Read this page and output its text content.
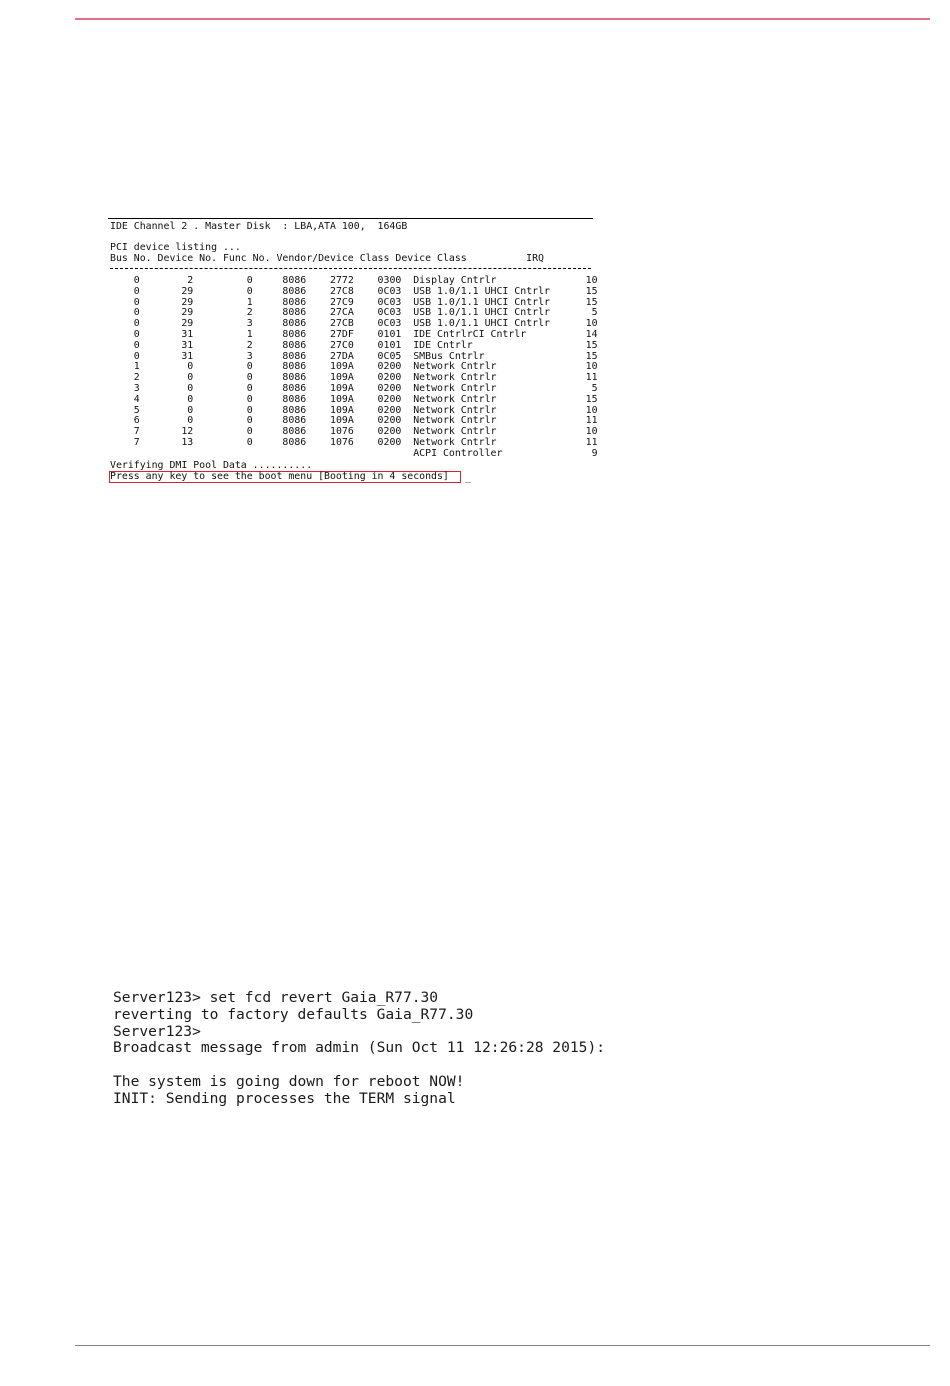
IDE Channel 2 . Master Disk  : LBA,ATA 100,  164GB
PCI device listing ...
Bus No. Device No. Func No. Vendor/Device Class Device Class          IRQ
0        2         0     8086    2772    0300  Display Cntrlr               10
0       29         0     8086    27C8    0C03  USB 1.0/1.1 UHCI Cntrlr      15
0       29         1     8086    27C9    0C03  USB 1.0/1.1 UHCI Cntrlr      15
0       29         2     8086    27CA    0C03  USB 1.0/1.1 UHCI Cntrlr       5
0       29         3     8086    27CB    0C03  USB 1.0/1.1 UHCI Cntrlr      10
0       31         1     8086    27DF    0101  IDE CntrlrCI Cntrlr          14
0       31         2     8086    27C0    0101  IDE Cntrlr                   15
0       31         3     8086    27DA    0C05  SMBus Cntrlr                 15
1        0         0     8086    109A    0200  Network Cntrlr               10
2        0         0     8086    109A    0200  Network Cntrlr               11
3        0         0     8086    109A    0200  Network Cntrlr                5
4        0         0     8086    109A    0200  Network Cntrlr               15
5        0         0     8086    109A    0200  Network Cntrlr               10
6        0         0     8086    109A    0200  Network Cntrlr               11
7       12         0     8086    1076    0200  Network Cntrlr               10
7       13         0     8086    1076    0200  Network Cntrlr               11
ACPI Controller               9
Verifying DMI Pool Data ..........
Press any key to see the boot menu [Booting in 4 seconds] _
Server123> set fcd revert Gaia_R77.30
reverting to factory defaults Gaia_R77.30
Server123>
Broadcast message from admin (Sun Oct 11 12:26:28 2015):

The system is going down for reboot NOW!
INIT: Sending processes the TERM signal
